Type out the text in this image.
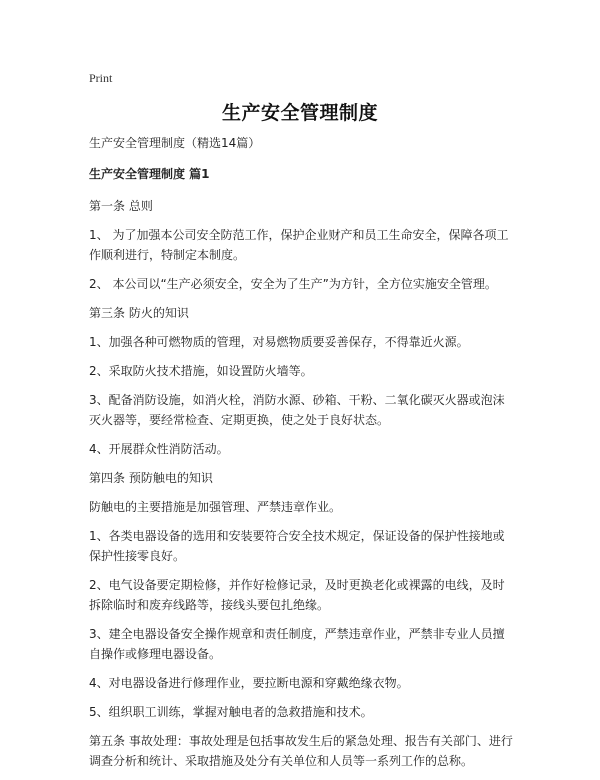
Print
生产安全管理制度

生产安全管理制度（精选14篇）

生产安全管理制度 篇1

第一条 总则

1、 为了加强本公司安全防范工作，保护企业财产和员工生命安全，保障各项工作顺利进行，特制定本制度。

2、 本公司以“生产必须安全，安全为了生产”为方针，全方位实施安全管理。

第三条 防火的知识

1、加强各种可燃物质的管理，对易燃物质要妥善保存，不得靠近火源。

2、采取防火技术措施，如设置防火墙等。

3、配备消防设施，如消火栓，消防水源、砂箱、干粉、二氧化碳灭火器或泡沫灭火器等，要经常检查、定期更换，使之处于良好状态。

4、开展群众性消防活动。

第四条 预防触电的知识

防触电的主要措施是加强管理、严禁违章作业。

1、各类电器设备的选用和安装要符合安全技术规定，保证设备的保护性接地或保护性接零良好。

2、电气设备要定期检修，并作好检修记录，及时更换老化或裸露的电线，及时拆除临时和废弃线路等，接线头要包扎绝缘。

3、建全电器设备安全操作规章和责任制度，严禁违章作业，严禁非专业人员擅自操作或修理电器设备。

4、对电器设备进行修理作业，要拉断电源和穿戴绝缘衣物。

5、组织职工训练，掌握对触电者的急救措施和技术。

第五条 事故处理：事故处理是包括事故发生后的紧急处理、报告有关部门、进行调查分析和统计、采取措施及处分有关单位和人员等一系列工作的总称。
